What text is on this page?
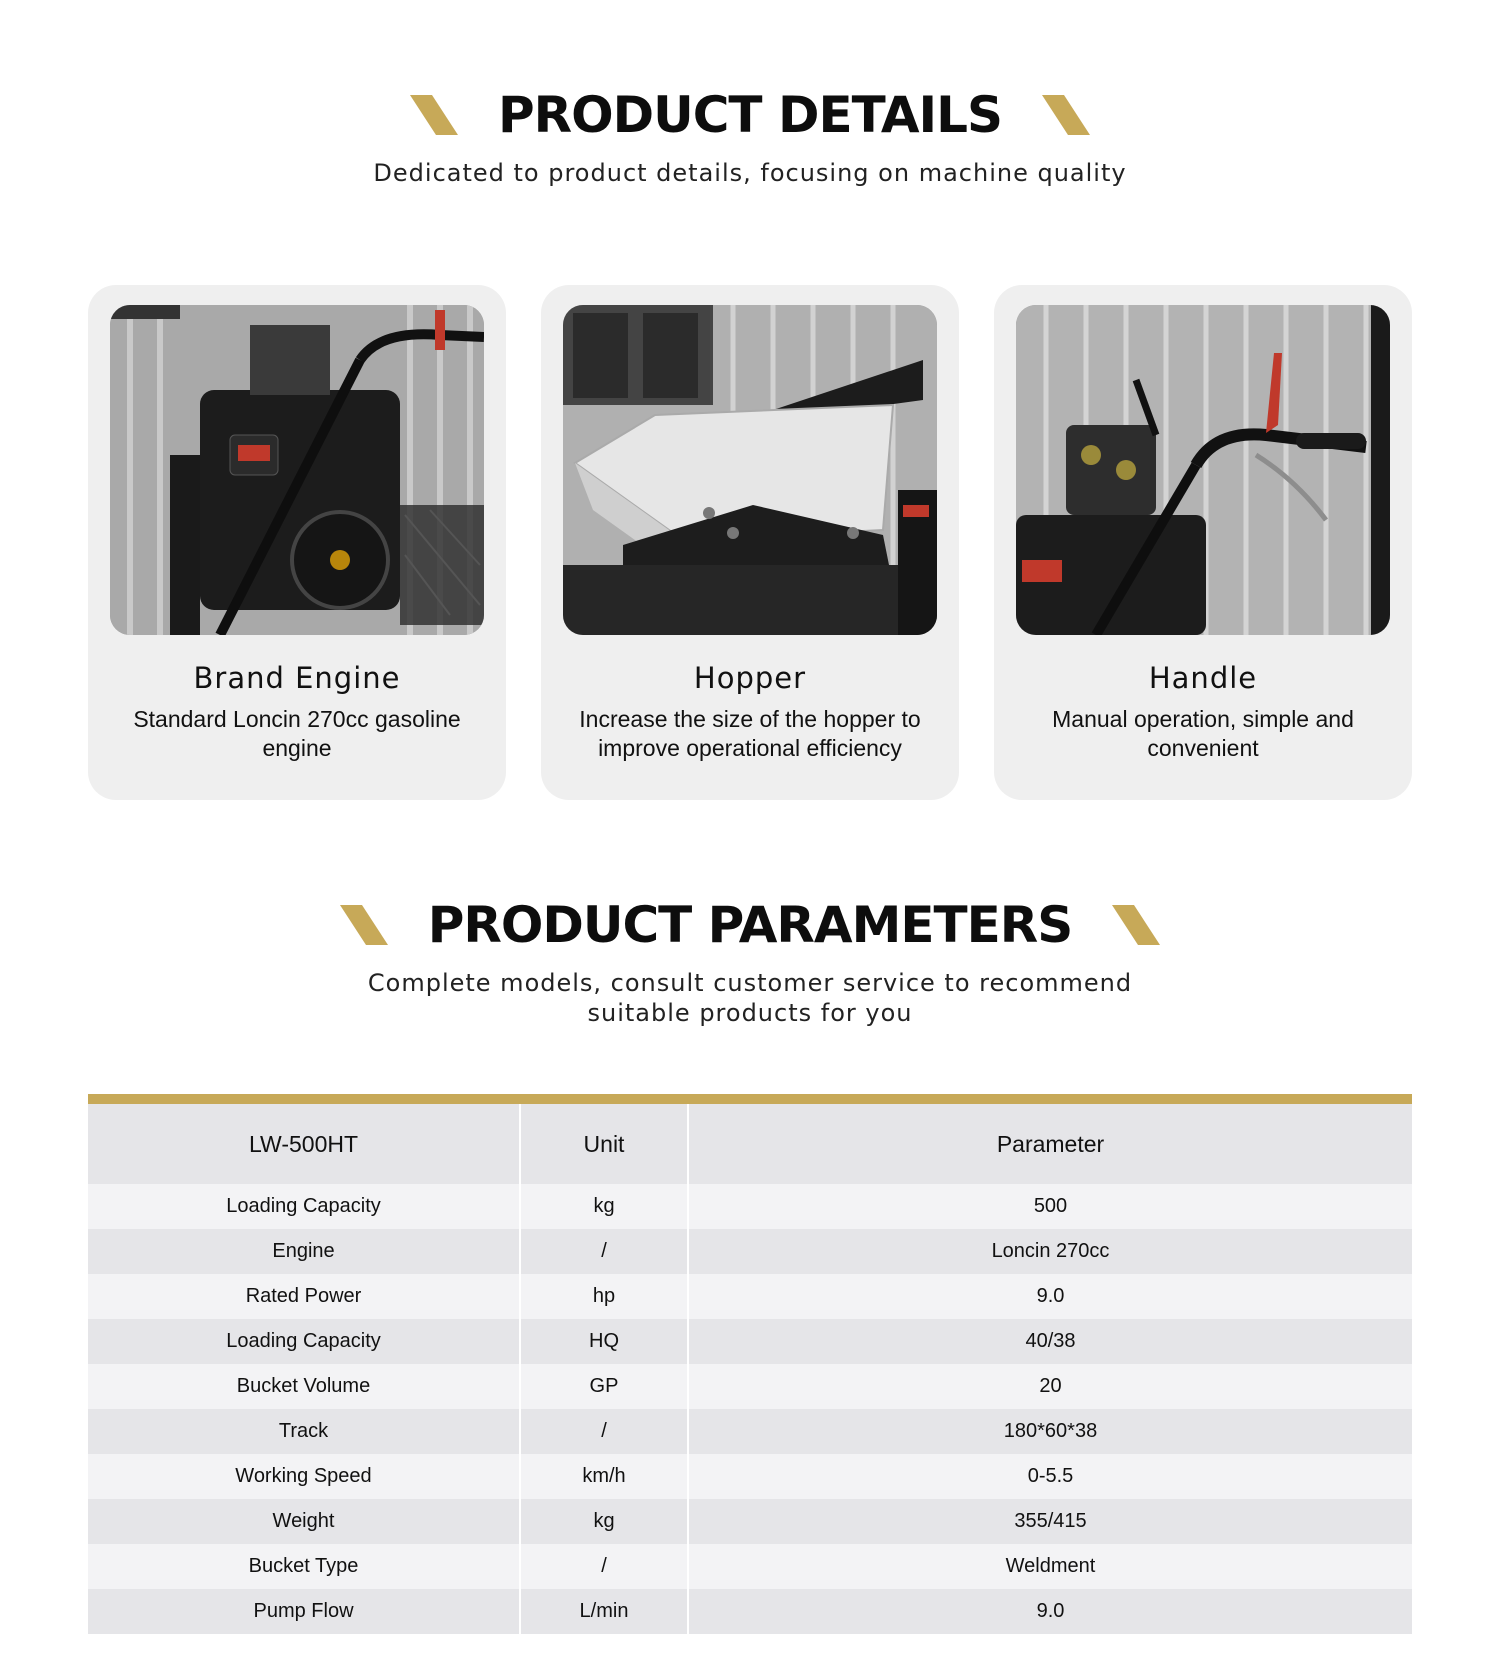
PRODUCT DETAILS

Dedicated to product details, focusing on machine quality

Brand Engine
Standard Loncin 270cc gasoline engine
Hopper
Increase the size of the hopper to improve operational efficiency
Handle
Manual operation, simple and convenient
PRODUCT PARAMETERS

Complete models, consult customer service to recommend suitable products for you

LW-500HT	Unit	Parameter
Loading Capacity	kg	500
Engine	/	Loncin 270cc
Rated Power	hp	9.0
Loading Capacity	HQ	40/38
Bucket Volume	GP	20
Track	/	180*60*38
Working Speed	km/h	0-5.5
Weight	kg	355/415
Bucket Type	/	Weldment
Pump Flow	L/min	9.0
